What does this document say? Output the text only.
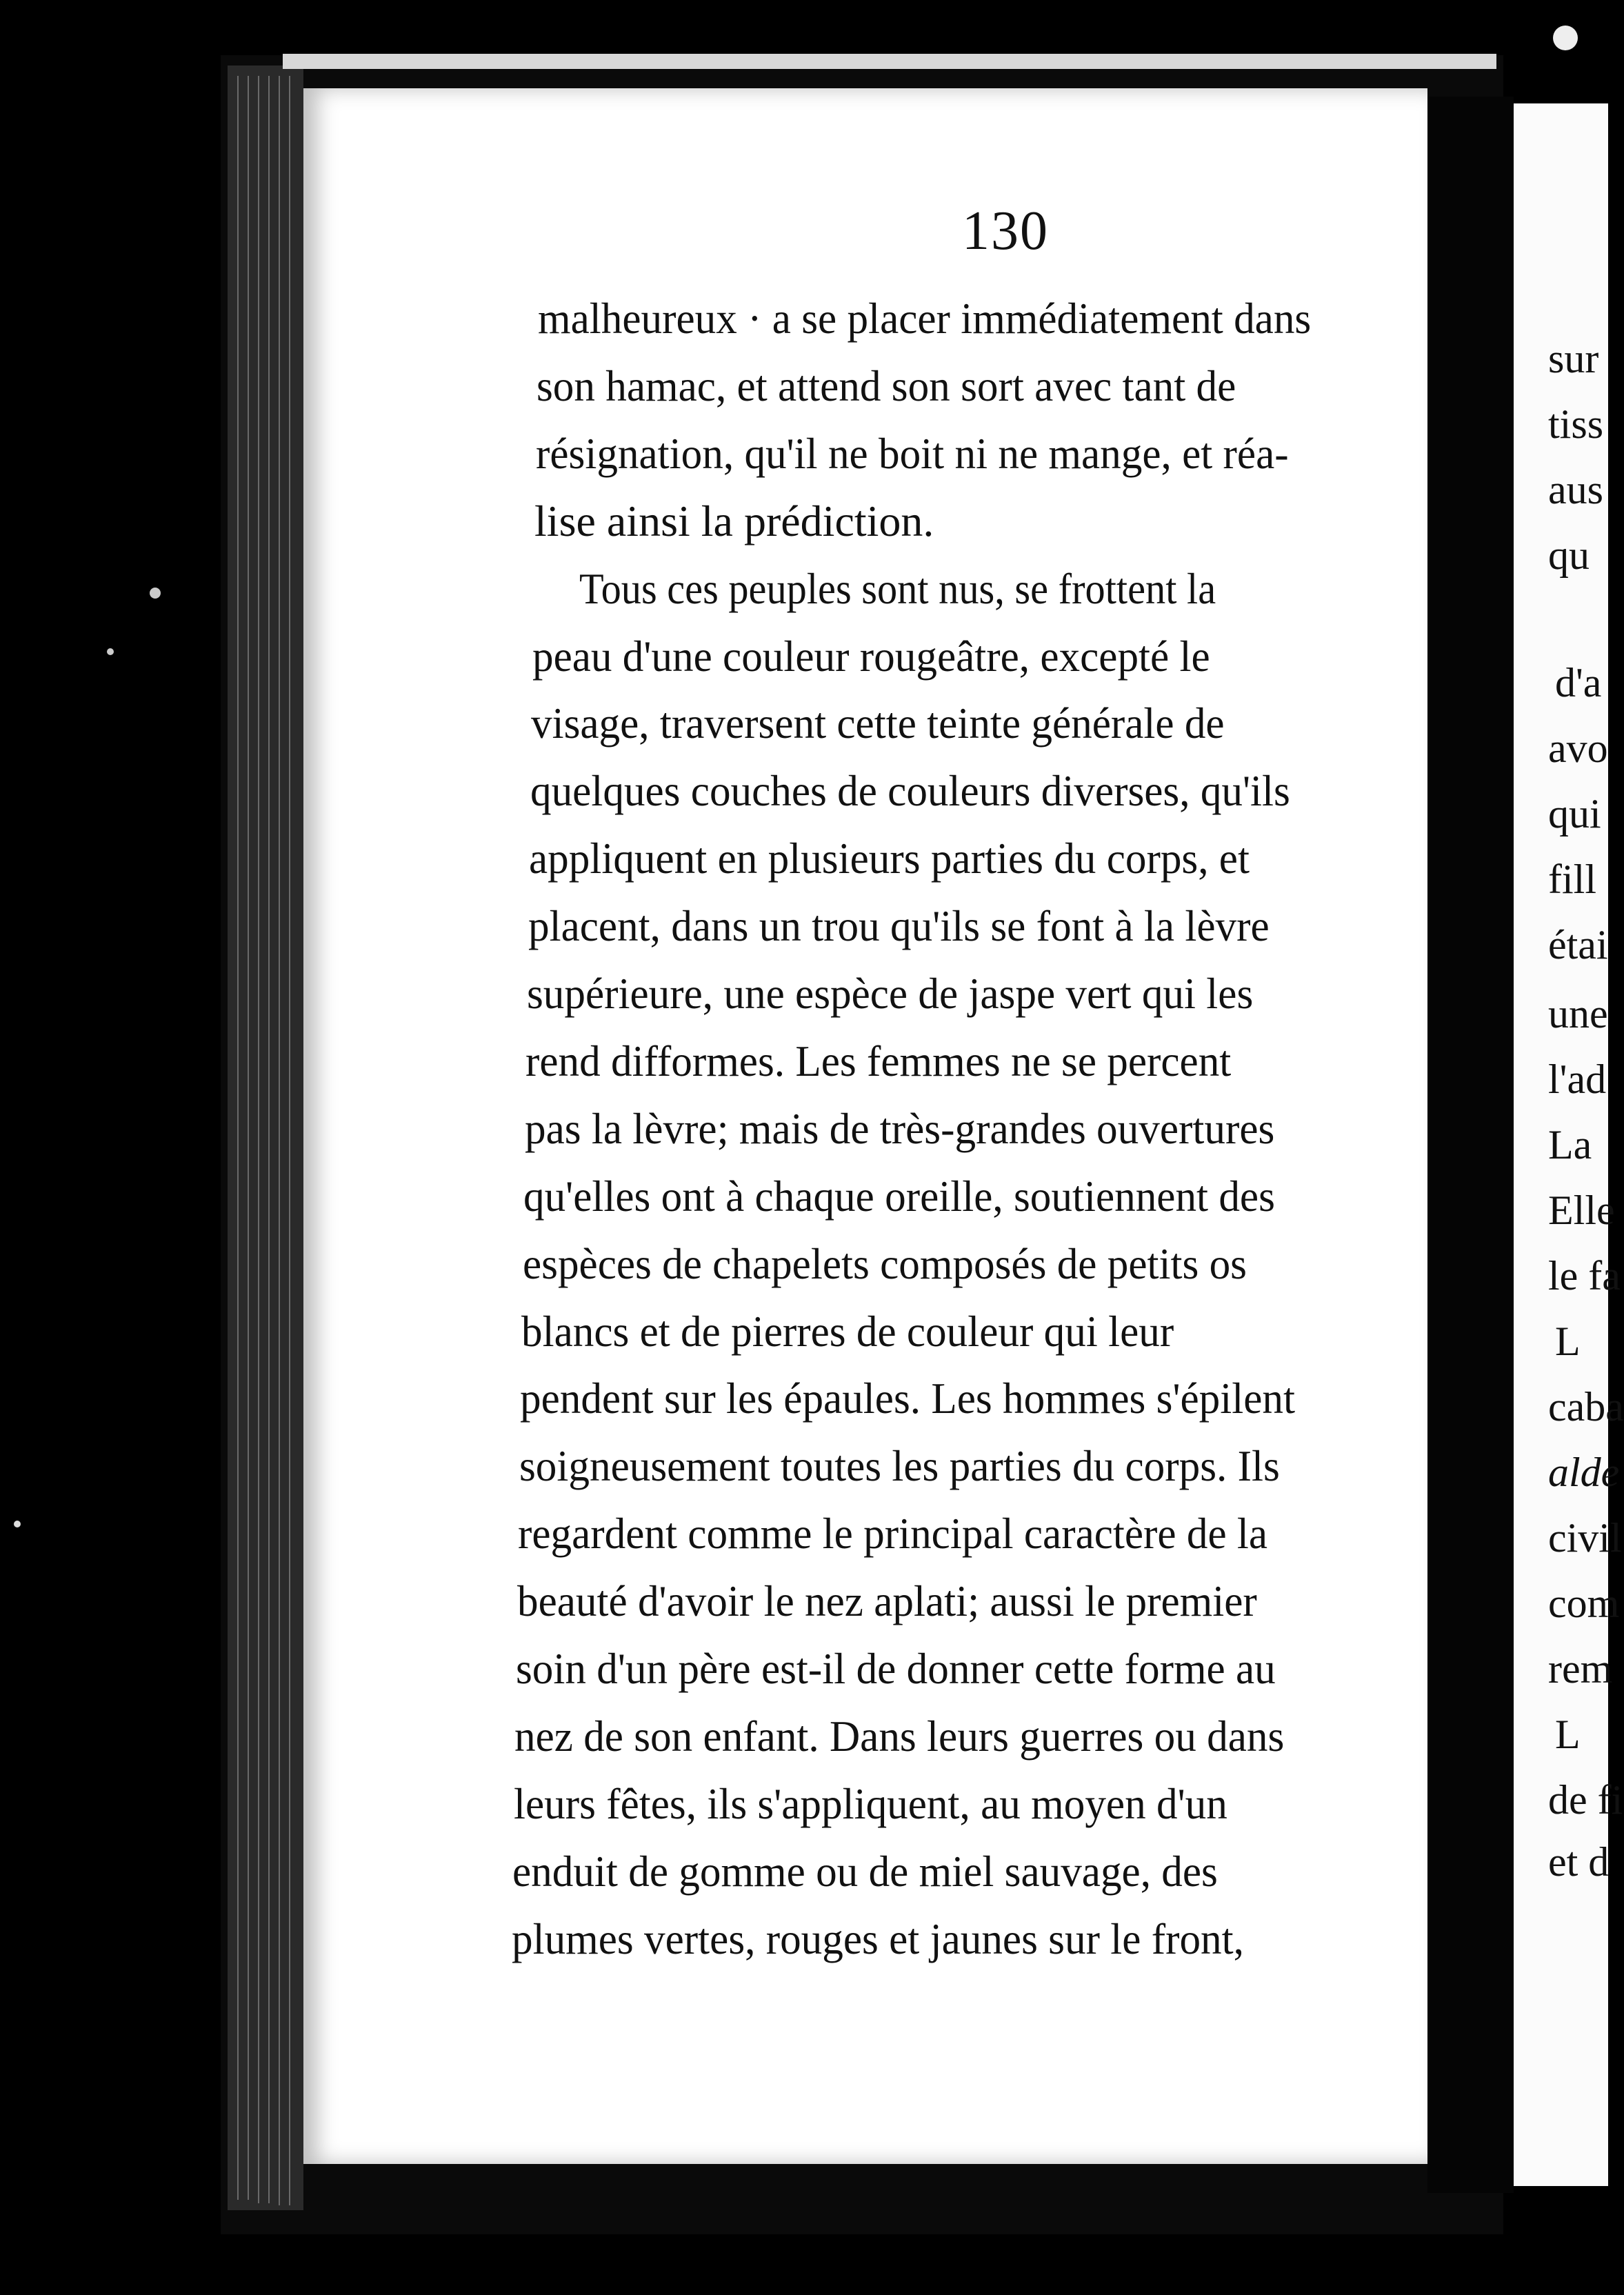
130
malheureux · a se placer immédiatement dans
son hamac, et attend son sort avec tant de
résignation, qu'il ne boit ni ne mange, et réa-
lise ainsi la prédiction.
Tous ces peuples sont nus, se frottent la
peau d'une couleur rougeâtre, excepté le
visage, traversent cette teinte générale de
quelques couches de couleurs diverses, qu'ils
appliquent en plusieurs parties du corps, et
placent, dans un trou qu'ils se font à la lèvre
supérieure, une espèce de jaspe vert qui les
rend difformes. Les femmes ne se percent
pas la lèvre; mais de très-grandes ouvertures
qu'elles ont à chaque oreille, soutiennent des
espèces de chapelets composés de petits os
blancs et de pierres de couleur qui leur
pendent sur les épaules. Les hommes s'épilent
soigneusement toutes les parties du corps. Ils
regardent comme le principal caractère de la
beauté d'avoir le nez aplati; aussi le premier
soin d'un père est-il de donner cette forme au
nez de son enfant. Dans leurs guerres ou dans
leurs fêtes, ils s'appliquent, au moyen d'un
enduit de gomme ou de miel sauvage, des
plumes vertes, rouges et jaunes sur le front,
sur
tiss
aus
qu
d'a
avo
qui
fill
étai
une
l'ad
La
Elle
le fa
L
caba
alde
civil
com
rem
L
de fi
et d
